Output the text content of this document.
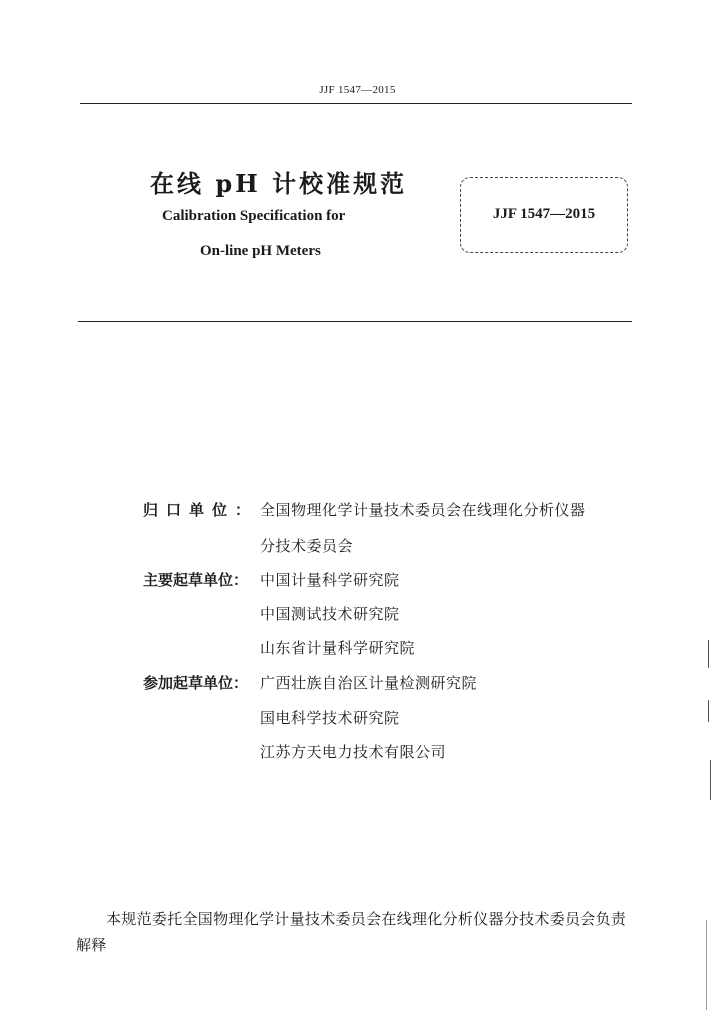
JJF 1547—2015
在线 pH 计校准规范
Calibration Specification for
On-line pH Meters
JJF 1547—2015
归口单位： 全国物理化学计量技术委员会在线理化分析仪器
分技术委员会
主要起草单位： 中国计量科学研究院
中国测试技术研究院
山东省计量科学研究院
参加起草单位： 广西壮族自治区计量检测研究院
国电科学技术研究院
江苏方天电力技术有限公司
本规范委托全国物理化学计量技术委员会在线理化分析仪器分技术委员会负责解释
